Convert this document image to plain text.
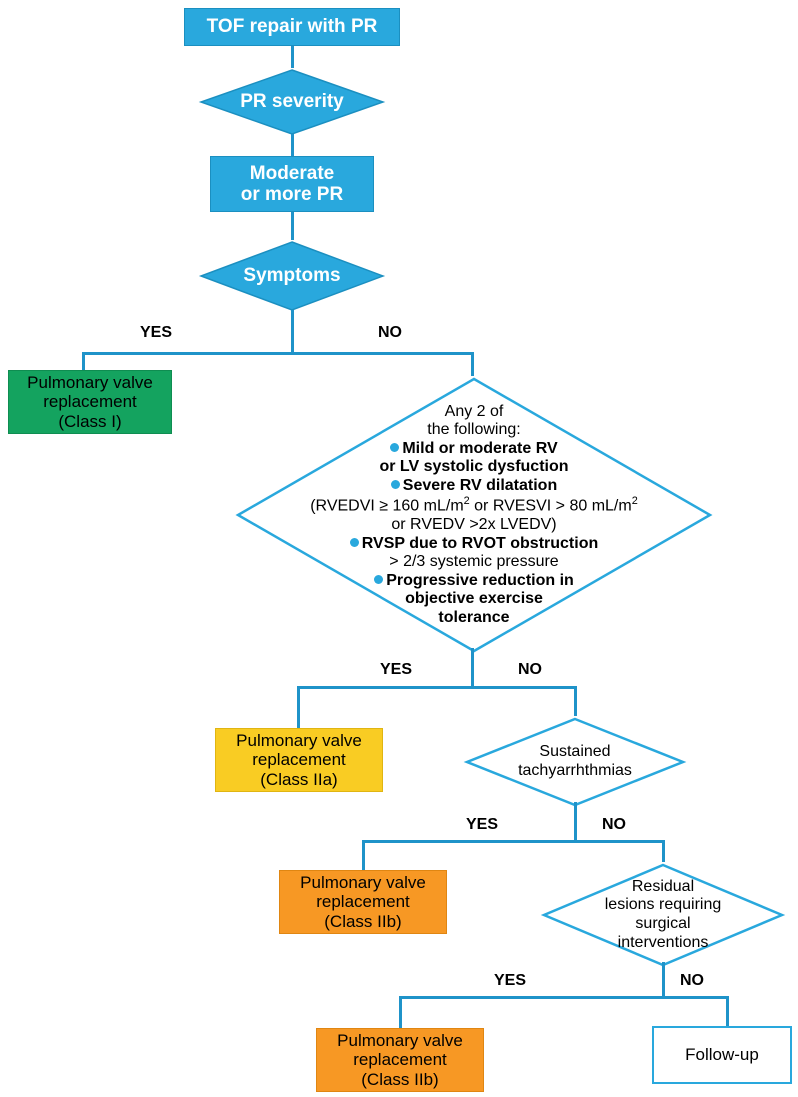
TOF repair with PR
PR severity
Moderate
or more PR
Symptoms
YES	NO
Pulmonary valve
replacement
(Class I)
Any 2 of
the following:
Mild or moderate RV
or LV systolic dysfuction
Severe RV dilatation
(RVEDVI ≥ 160 $mL/m^2$ or RVESVI > 80 $mL/m^2$
or RVEDV >2x LVEDV)
RVSP due to RVOT obstruction
> 2/3 systemic pressure
Progressive reduction in
objective exercise
tolerance
YES	NO
Pulmonary valve
replacement
(Class IIa)
Sustained
tachyarrhthmias
YES	NO
Pulmonary valve
replacement
(Class IIb)
Residual
lesions requiring
surgical
interventions
YES	NO
Pulmonary valve
replacement
(Class IIb)
Follow-up
